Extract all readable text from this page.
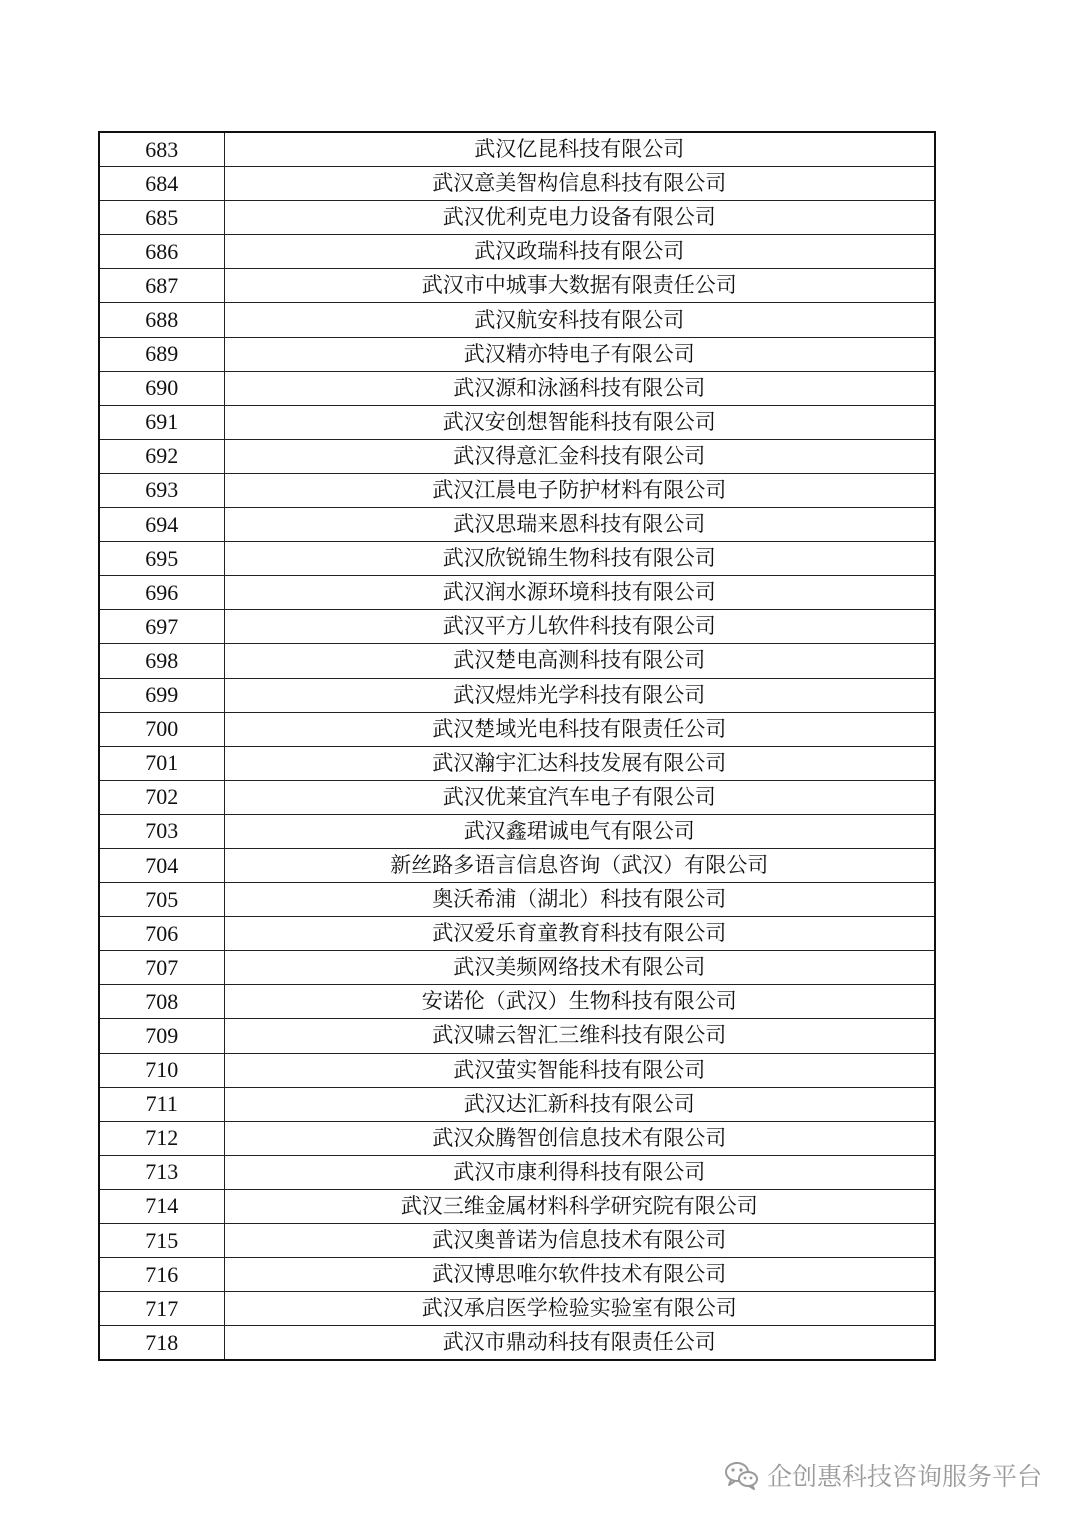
683	武汉亿昆科技有限公司
684	武汉意美智构信息科技有限公司
685	武汉优利克电力设备有限公司
686	武汉政瑞科技有限公司
687	武汉市中城事大数据有限责任公司
688	武汉航安科技有限公司
689	武汉精亦特电子有限公司
690	武汉源和泳涵科技有限公司
691	武汉安创想智能科技有限公司
692	武汉得意汇金科技有限公司
693	武汉江晨电子防护材料有限公司
694	武汉思瑞来恩科技有限公司
695	武汉欣锐锦生物科技有限公司
696	武汉润水源环境科技有限公司
697	武汉平方儿软件科技有限公司
698	武汉楚电高测科技有限公司
699	武汉煜炜光学科技有限公司
700	武汉楚域光电科技有限责任公司
701	武汉瀚宇汇达科技发展有限公司
702	武汉优莱宜汽车电子有限公司
703	武汉鑫珺诚电气有限公司
704	新丝路多语言信息咨询（武汉）有限公司
705	奥沃希浦（湖北）科技有限公司
706	武汉爱乐育童教育科技有限公司
707	武汉美频网络技术有限公司
708	安诺伦（武汉）生物科技有限公司
709	武汉啸云智汇三维科技有限公司
710	武汉萤实智能科技有限公司
711	武汉达汇新科技有限公司
712	武汉众腾智创信息技术有限公司
713	武汉市康利得科技有限公司
714	武汉三维金属材料科学研究院有限公司
715	武汉奥普诺为信息技术有限公司
716	武汉博思唯尔软件技术有限公司
717	武汉承启医学检验实验室有限公司
718	武汉市鼎动科技有限责任公司
企创惠科技咨询服务平台
